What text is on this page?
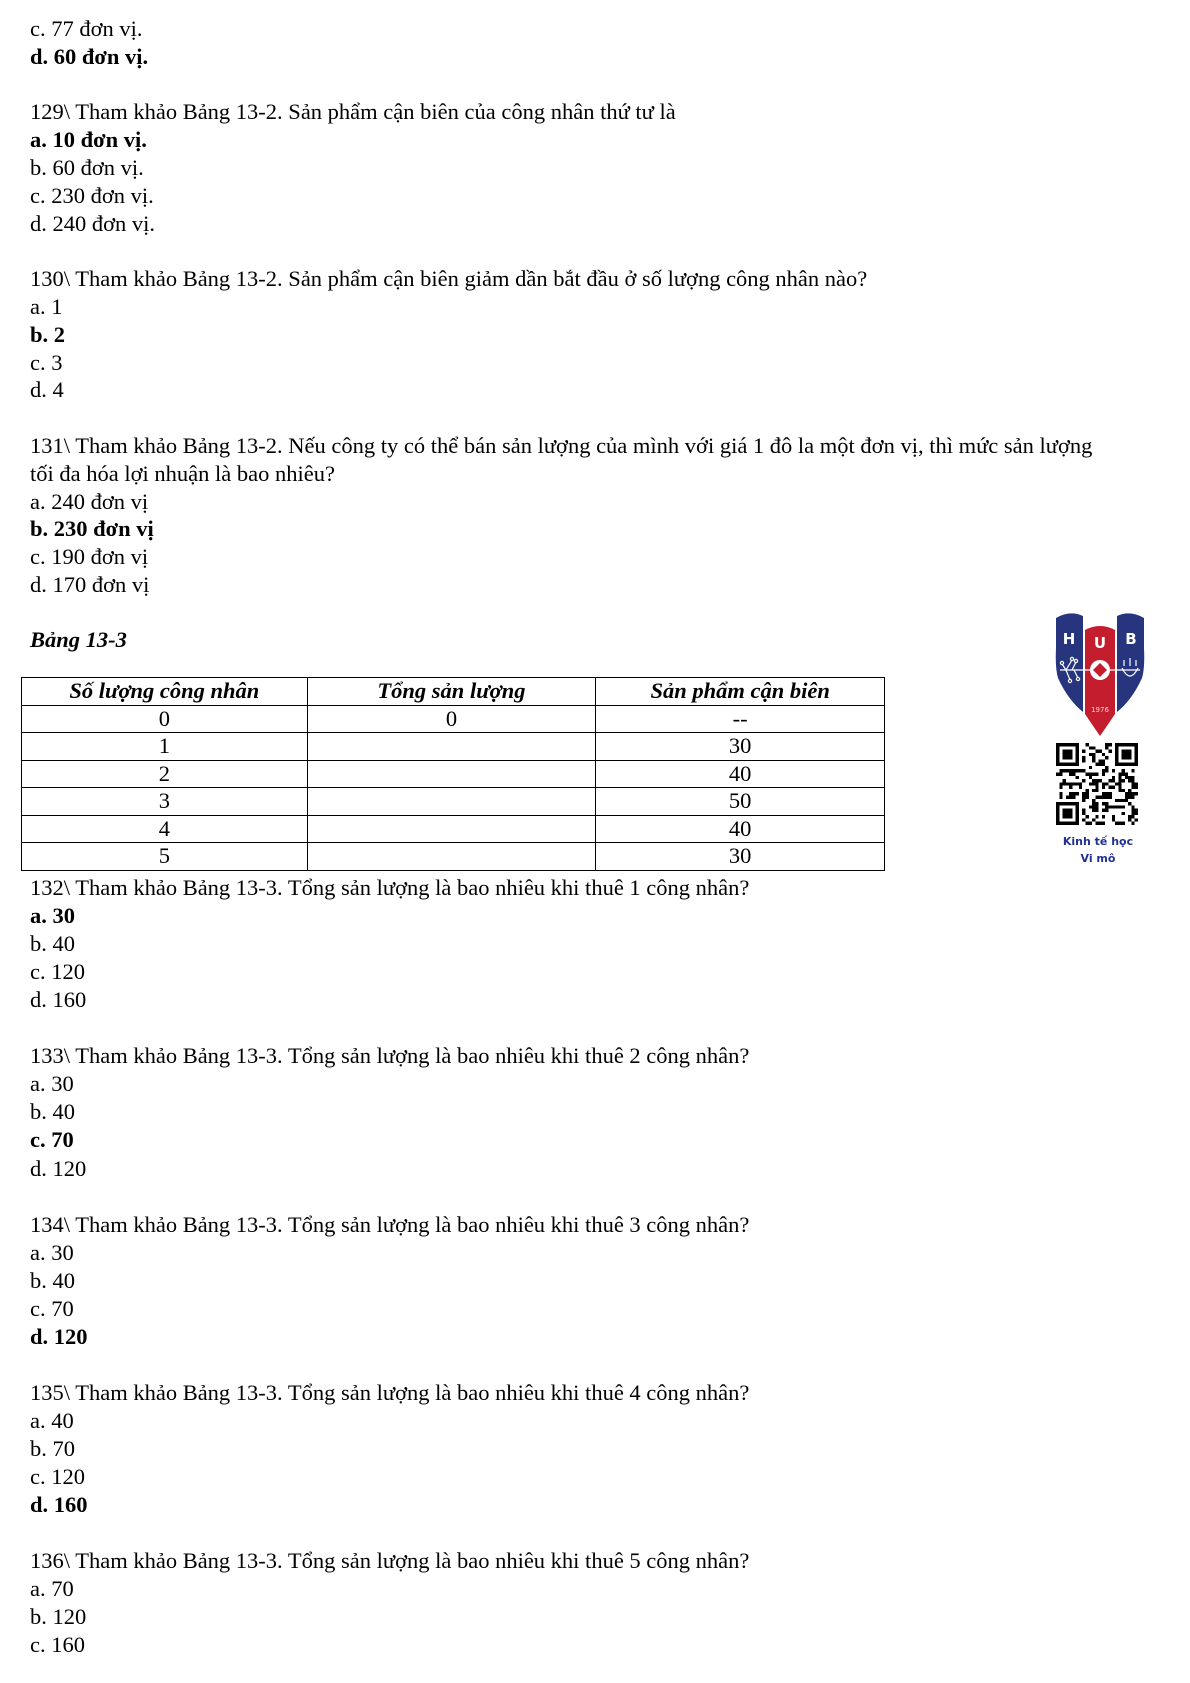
c. 77 đơn vị.
d. 60 đơn vị.
129\ Tham khảo Bảng 13-2. Sản phẩm cận biên của công nhân thứ tư là
a. 10 đơn vị.
b. 60 đơn vị.
c. 230 đơn vị.
d. 240 đơn vị.
130\ Tham khảo Bảng 13-2. Sản phẩm cận biên giảm dần bắt đầu ở số lượng công nhân nào?
a. 1
b. 2
c. 3
d. 4
131\ Tham khảo Bảng 13-2. Nếu công ty có thể bán sản lượng của mình với giá 1 đô la một đơn vị, thì mức sản lượng
tối đa hóa lợi nhuận là bao nhiêu?
a. 240 đơn vị
b. 230 đơn vị
c. 190 đơn vị
d. 170 đơn vị
Bảng 13-3
Số lượng công nhân	Tổng sản lượng	Sản phẩm cận biên
0	0	--
1		30
2		40
3		50
4		40
5		30
132\ Tham khảo Bảng 13-3. Tổng sản lượng là bao nhiêu khi thuê 1 công nhân?
a. 30
b. 40
c. 120
d. 160
133\ Tham khảo Bảng 13-3. Tổng sản lượng là bao nhiêu khi thuê 2 công nhân?
a. 30
b. 40
c. 70
d. 120
134\ Tham khảo Bảng 13-3. Tổng sản lượng là bao nhiêu khi thuê 3 công nhân?
a. 30
b. 40
c. 70
d. 120
135\ Tham khảo Bảng 13-3. Tổng sản lượng là bao nhiêu khi thuê 4 công nhân?
a. 40
b. 70
c. 120
d. 160
136\ Tham khảo Bảng 13-3. Tổng sản lượng là bao nhiêu khi thuê 5 công nhân?
a. 70
b. 120
c. 160
H U B
1976
Kinh tế học
Vi mô
